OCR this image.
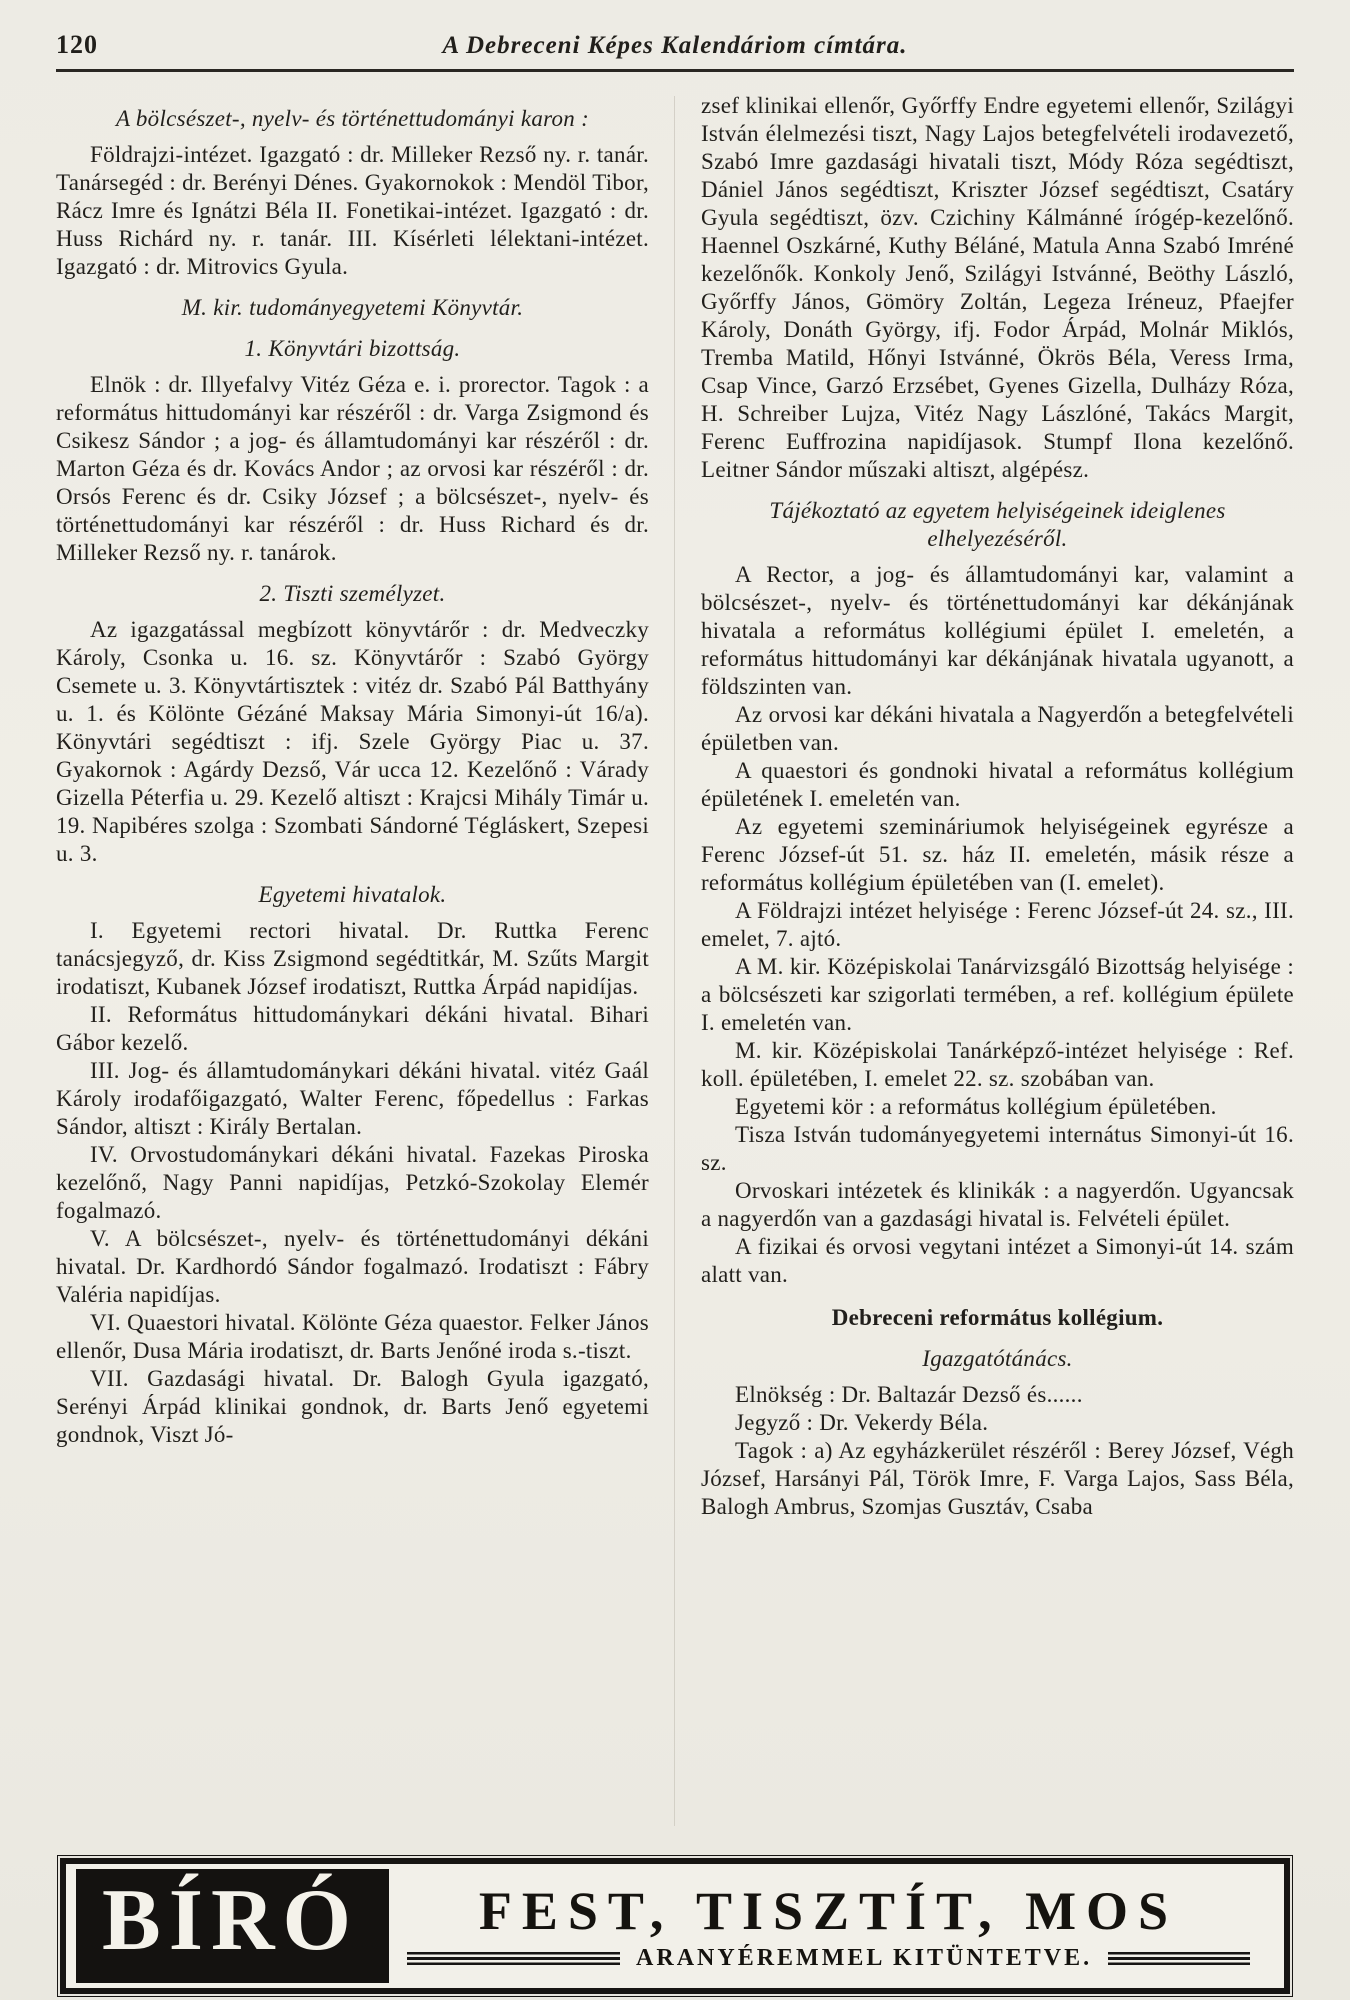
120	A Debreceni Képes Kalendáriom címtára.

A bölcsészet-, nyelv- és történettudományi karon :

Földrajzi-intézet. Igazgató : dr. Milleker Rezső ny. r. tanár. Tanársegéd : dr. Berényi Dénes. Gyakornokok : Mendöl Tibor, Rácz Imre és Ignátzi Béla II. Fonetikai-intézet. Igazgató : dr. Huss Richárd ny. r. tanár. III. Kísérleti lélektani-intézet. Igazgató : dr. Mitrovics Gyula.

M. kir. tudományegyetemi Könyvtár.

1. Könyvtári bizottság.

Elnök : dr. Illyefalvy Vitéz Géza e. i. prorector. Tagok : a református hittudományi kar részéről : dr. Varga Zsigmond és Csikesz Sándor ; a jog- és államtudományi kar részéről : dr. Marton Géza és dr. Kovács Andor ; az orvosi kar részéről : dr. Orsós Ferenc és dr. Csiky József ; a bölcsészet-, nyelv- és történettudományi kar részéről : dr. Huss Richard és dr. Milleker Rezső ny. r. tanárok.

2. Tiszti személyzet.

Az igazgatással megbízott könyvtárőr : dr. Medveczky Károly, Csonka u. 16. sz. Könyvtárőr : Szabó György Csemete u. 3. Könyvtártisztek : vitéz dr. Szabó Pál Batthyány u. 1. és Kölönte Gézáné Maksay Mária Simonyi-út 16/a). Könyvtári segédtiszt : ifj. Szele György Piac u. 37. Gyakornok : Agárdy Dezső, Vár ucca 12. Kezelőnő : Várady Gizella Péterfia u. 29. Kezelő altiszt : Krajcsi Mihály Timár u. 19. Napibéres szolga : Szombati Sándorné Tégláskert, Szepesi u. 3.

Egyetemi hivatalok.

I. Egyetemi rectori hivatal. Dr. Ruttka Ferenc tanácsjegyző, dr. Kiss Zsigmond segédtitkár, M. Szűts Margit irodatiszt, Kubanek József irodatiszt, Ruttka Árpád napidíjas.

II. Református hittudománykari dékáni hivatal. Bihari Gábor kezelő.

III. Jog- és államtudománykari dékáni hivatal. vitéz Gaál Károly irodafőigazgató, Walter Ferenc, főpedellus : Farkas Sándor, altiszt : Király Bertalan.

IV. Orvostudománykari dékáni hivatal. Fazekas Piroska kezelőnő, Nagy Panni napidíjas, Petzkó-Szokolay Elemér fogalmazó.

V. A bölcsészet-, nyelv- és történettudományi dékáni hivatal. Dr. Kardhordó Sándor fogalmazó. Irodatiszt : Fábry Valéria napidíjas.

VI. Quaestori hivatal. Kölönte Géza quaestor. Felker János ellenőr, Dusa Mária irodatiszt, dr. Barts Jenőné iroda s.-tiszt.

VII. Gazdasági hivatal. Dr. Balogh Gyula igazgató, Serényi Árpád klinikai gondnok, dr. Barts Jenő egyetemi gondnok, Viszt Jó-

zsef klinikai ellenőr, Győrffy Endre egyetemi ellenőr, Szilágyi István élelmezési tiszt, Nagy Lajos betegfelvételi irodavezető, Szabó Imre gazdasági hivatali tiszt, Módy Róza segédtiszt, Dániel János segédtiszt, Kriszter József segédtiszt, Csatáry Gyula segédtiszt, özv. Czichiny Kálmánné írógép-kezelőnő. Haennel Oszkárné, Kuthy Béláné, Matula Anna Szabó Imréné kezelőnők. Konkoly Jenő, Szilágyi Istvánné, Beöthy László, Győrffy János, Gömöry Zoltán, Legeza Iréneuz, Pfaejfer Károly, Donáth György, ifj. Fodor Árpád, Molnár Miklós, Tremba Matild, Hőnyi Istvánné, Ökrös Béla, Veress Irma, Csap Vince, Garzó Erzsébet, Gyenes Gizella, Dulházy Róza, H. Schreiber Lujza, Vitéz Nagy Lászlóné, Takács Margit, Ferenc Euffrozina napidíjasok. Stumpf Ilona kezelőnő. Leitner Sándor műszaki altiszt, algépész.

Tájékoztató az egyetem helyiségeinek ideiglenes elhelyezéséről.

A Rector, a jog- és államtudományi kar, valamint a bölcsészet-, nyelv- és történettudományi kar dékánjának hivatala a református kollégiumi épület I. emeletén, a református hittudományi kar dékánjának hivatala ugyanott, a földszinten van.

Az orvosi kar dékáni hivatala a Nagyerdőn a betegfelvételi épületben van.

A quaestori és gondnoki hivatal a református kollégium épületének I. emeletén van.

Az egyetemi szemináriumok helyiségeinek egyrésze a Ferenc József-út 51. sz. ház II. emeletén, másik része a református kollégium épületében van (I. emelet).

A Földrajzi intézet helyisége : Ferenc József-út 24. sz., III. emelet, 7. ajtó.

A M. kir. Középiskolai Tanárvizsgáló Bizottság helyisége : a bölcsészeti kar szigorlati termében, a ref. kollégium épülete I. emeletén van.

M. kir. Középiskolai Tanárképző-intézet helyisége : Ref. koll. épületében, I. emelet 22. sz. szobában van.

Egyetemi kör : a református kollégium épületében.

Tisza István tudományegyetemi internátus Simonyi-út 16. sz.

Orvoskari intézetek és klinikák : a nagyerdőn. Ugyancsak a nagyerdőn van a gazdasági hivatal is. Felvételi épület.

A fizikai és orvosi vegytani intézet a Simonyi-út 14. szám alatt van.

Debreceni református kollégium.

Igazgatótánács.

Elnökség : Dr. Baltazár Dezső és......

Jegyző : Dr. Vekerdy Béla.

Tagok : a) Az egyházkerület részéről : Berey József, Végh József, Harsányi Pál, Török Imre, F. Varga Lajos, Sass Béla, Balogh Ambrus, Szomjas Gusztáv, Csaba

BÍRÓ	FEST, TISZTÍT, MOS
ARANYÉREMMEL KITÜNTETVE.
